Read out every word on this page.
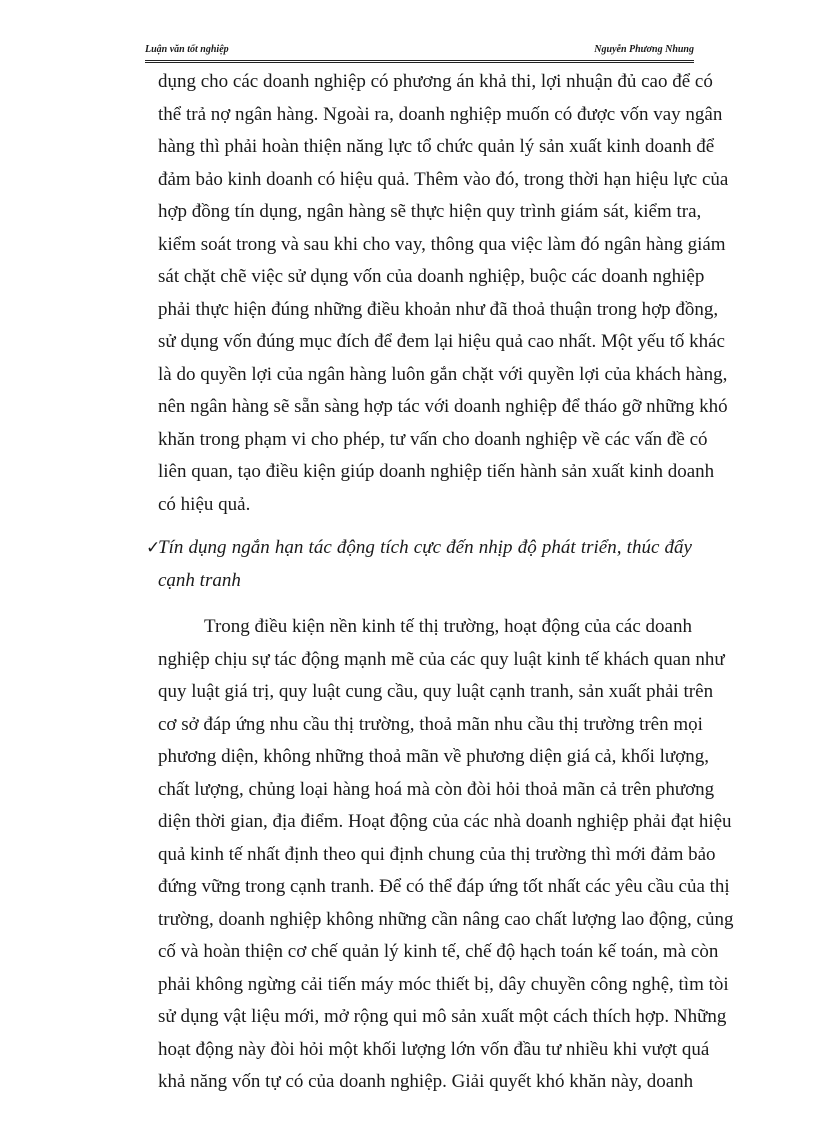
Luận văn tốt nghiệp	Nguyễn Phương Nhung

dụng cho các doanh nghiệp có phương án khả thi, lợi nhuận đủ cao để có
thể trả nợ ngân hàng. Ngoài ra, doanh nghiệp muốn có được vốn vay ngân
hàng thì phải hoàn thiện năng lực tổ chức quản lý sản xuất kinh doanh để
đảm bảo kinh doanh có hiệu quả. Thêm vào đó, trong thời hạn hiệu lực của
hợp đồng tín dụng, ngân hàng sẽ thực hiện quy trình giám sát, kiểm tra,
kiểm soát trong và sau khi cho vay, thông qua việc làm đó ngân hàng giám
sát chặt chẽ việc sử dụng vốn của doanh nghiệp, buộc các doanh nghiệp
phải thực hiện đúng những điều khoản như đã thoả thuận trong hợp đồng,
sử dụng vốn đúng mục đích để đem lại hiệu quả cao nhất. Một yếu tố khác
là do quyền lợi của ngân hàng luôn gắn chặt với quyền lợi của khách hàng,
nên ngân hàng sẽ sẵn sàng hợp tác với doanh nghiệp để tháo gỡ những khó
khăn trong phạm vi cho phép, tư vấn cho doanh nghiệp về các vấn đề có
liên quan, tạo điều kiện giúp doanh nghiệp tiến hành sản xuất kinh doanh
có hiệu quả.

✓
Tín dụng ngắn hạn tác động tích cực đến nhịp độ phát triển, thúc đẩy
cạnh tranh

Trong điều kiện nền kinh tế thị trường, hoạt động của các doanh
nghiệp chịu sự tác động mạnh mẽ của các quy luật kinh tế khách quan như
quy luật giá trị, quy luật cung cầu, quy luật cạnh tranh, sản xuất phải trên
cơ sở đáp ứng nhu cầu thị trường, thoả mãn nhu cầu thị trường trên mọi
phương diện, không những thoả mãn về phương diện giá cả, khối lượng,
chất lượng, chủng loại hàng hoá mà còn đòi hỏi thoả mãn cả trên phương
diện thời gian, địa điểm. Hoạt động của các nhà doanh nghiệp phải đạt hiệu
quả kinh tế nhất định theo qui định chung của thị trường thì mới đảm bảo
đứng vững trong cạnh tranh. Để có thể đáp ứng tốt nhất các yêu cầu của thị
trường, doanh nghiệp không những cần nâng cao chất lượng lao động, củng
cố và hoàn thiện cơ chế quản lý kinh tế, chế độ hạch toán kế toán, mà còn
phải không ngừng cải tiến máy móc thiết bị, dây chuyền công nghệ, tìm tòi
sử dụng vật liệu mới, mở rộng qui mô sản xuất một cách thích hợp. Những
hoạt động này đòi hỏi một khối lượng lớn vốn đầu tư nhiều khi vượt quá
khả năng vốn tự có của doanh nghiệp. Giải quyết khó khăn này, doanh
